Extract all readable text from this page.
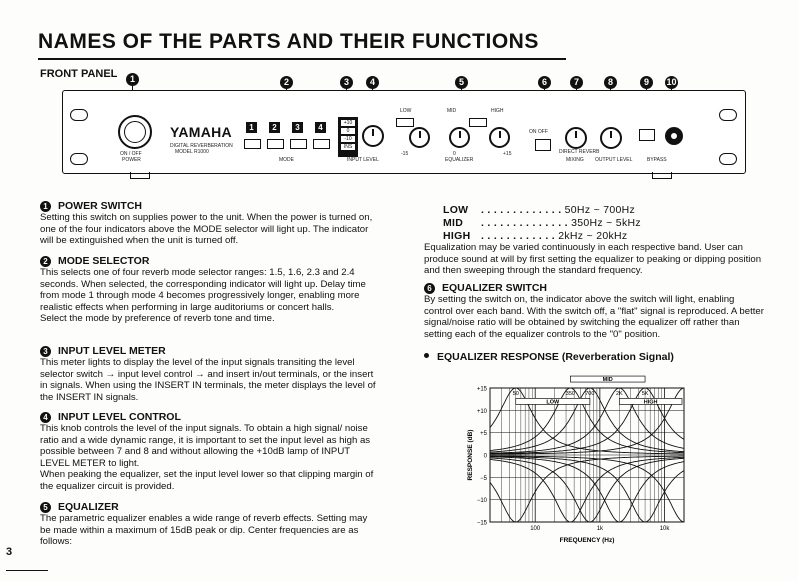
NAMES OF THE PARTS AND THEIR FUNCTIONS
FRONT PANEL	1	2	3	4	5	6	7	8	9	10
ON / OFF
POWER
YAMAHA
DIGITAL REVERBERATION
MODEL R1000
1	2	3	4
MODE
+10
0
-10
INS
INPUT LEVEL
LOW	MID	HIGH
-15	0	+15
EQUALIZER
ON OFF
DIRECT REVERB
MIXING OUTPUT LEVEL	BYPASS
1 POWER SWITCH

Setting this switch on supplies power to the unit. When the power is turned on, one of the four indicators above the MODE selector will light up. The indicator will be extinguished when the unit is turned off.

2 MODE SELECTOR

This selects one of four reverb mode selector ranges: 1.5, 1.6, 2.3 and 2.4 seconds. When selected, the corresponding indicator will light up. Delay time from mode 1 through mode 4 becomes progressively longer, enabling more realistic effects when performing in large auditoriums or concert halls.

Select the mode by preference of reverb tone and time.

3 INPUT LEVEL METER

This meter lights to display the level of the input signals transiting the level selector switch → input level control → and insert in/out terminals, or the insert in signals. When using the INSERT IN terminals, the meter displays the level of the INSERT IN signals.

4 INPUT LEVEL CONTROL

This knob controls the level of the input signals. To obtain a high signal/ noise ratio and a wide dynamic range, it is important to set the input level as high as possible between 7 and 8 and without allowing the +10dB lamp of INPUT LEVEL METER to light.

When peaking the equalizer, set the input level lower so that clipping margin of the equalizer circuit is provided.

5 EQUALIZER

The parametric equalizer enables a wide range of reverb effects. Setting may be made within a maximum of 15dB peak or dip. Center frequencies are as follows:

3
LOW . . . . . . . . . . . . . 50Hz ~ 700Hz
MID . . . . . . . . . . . . . . 350Hz ~ 5kHz
HIGH . . . . . . . . . . . . 2kHz ~ 20kHz

Equalization may be varied continuously in each respective band. User can produce sound at will by first setting the equalizer to peaking or dipping position and then sweeping through the standard frequency.

6 EQUALIZER SWITCH

By setting the switch on, the indicator above the switch will light, enabling control over each band. With the switch off, a "flat" signal is reproduced. A better signal/noise ratio will be obtained by switching the equalizer off rather than setting each of the equalizer controls to the "0" position.

EQUALIZER RESPONSE (Reverberation Signal)
+15
+10
+5
0
−5
−10
−15
100	1k	10k
FREQUENCY (Hz)
RESPONSE (dB)
MID
LOW	HIGH
50	350 700	2K	5K
